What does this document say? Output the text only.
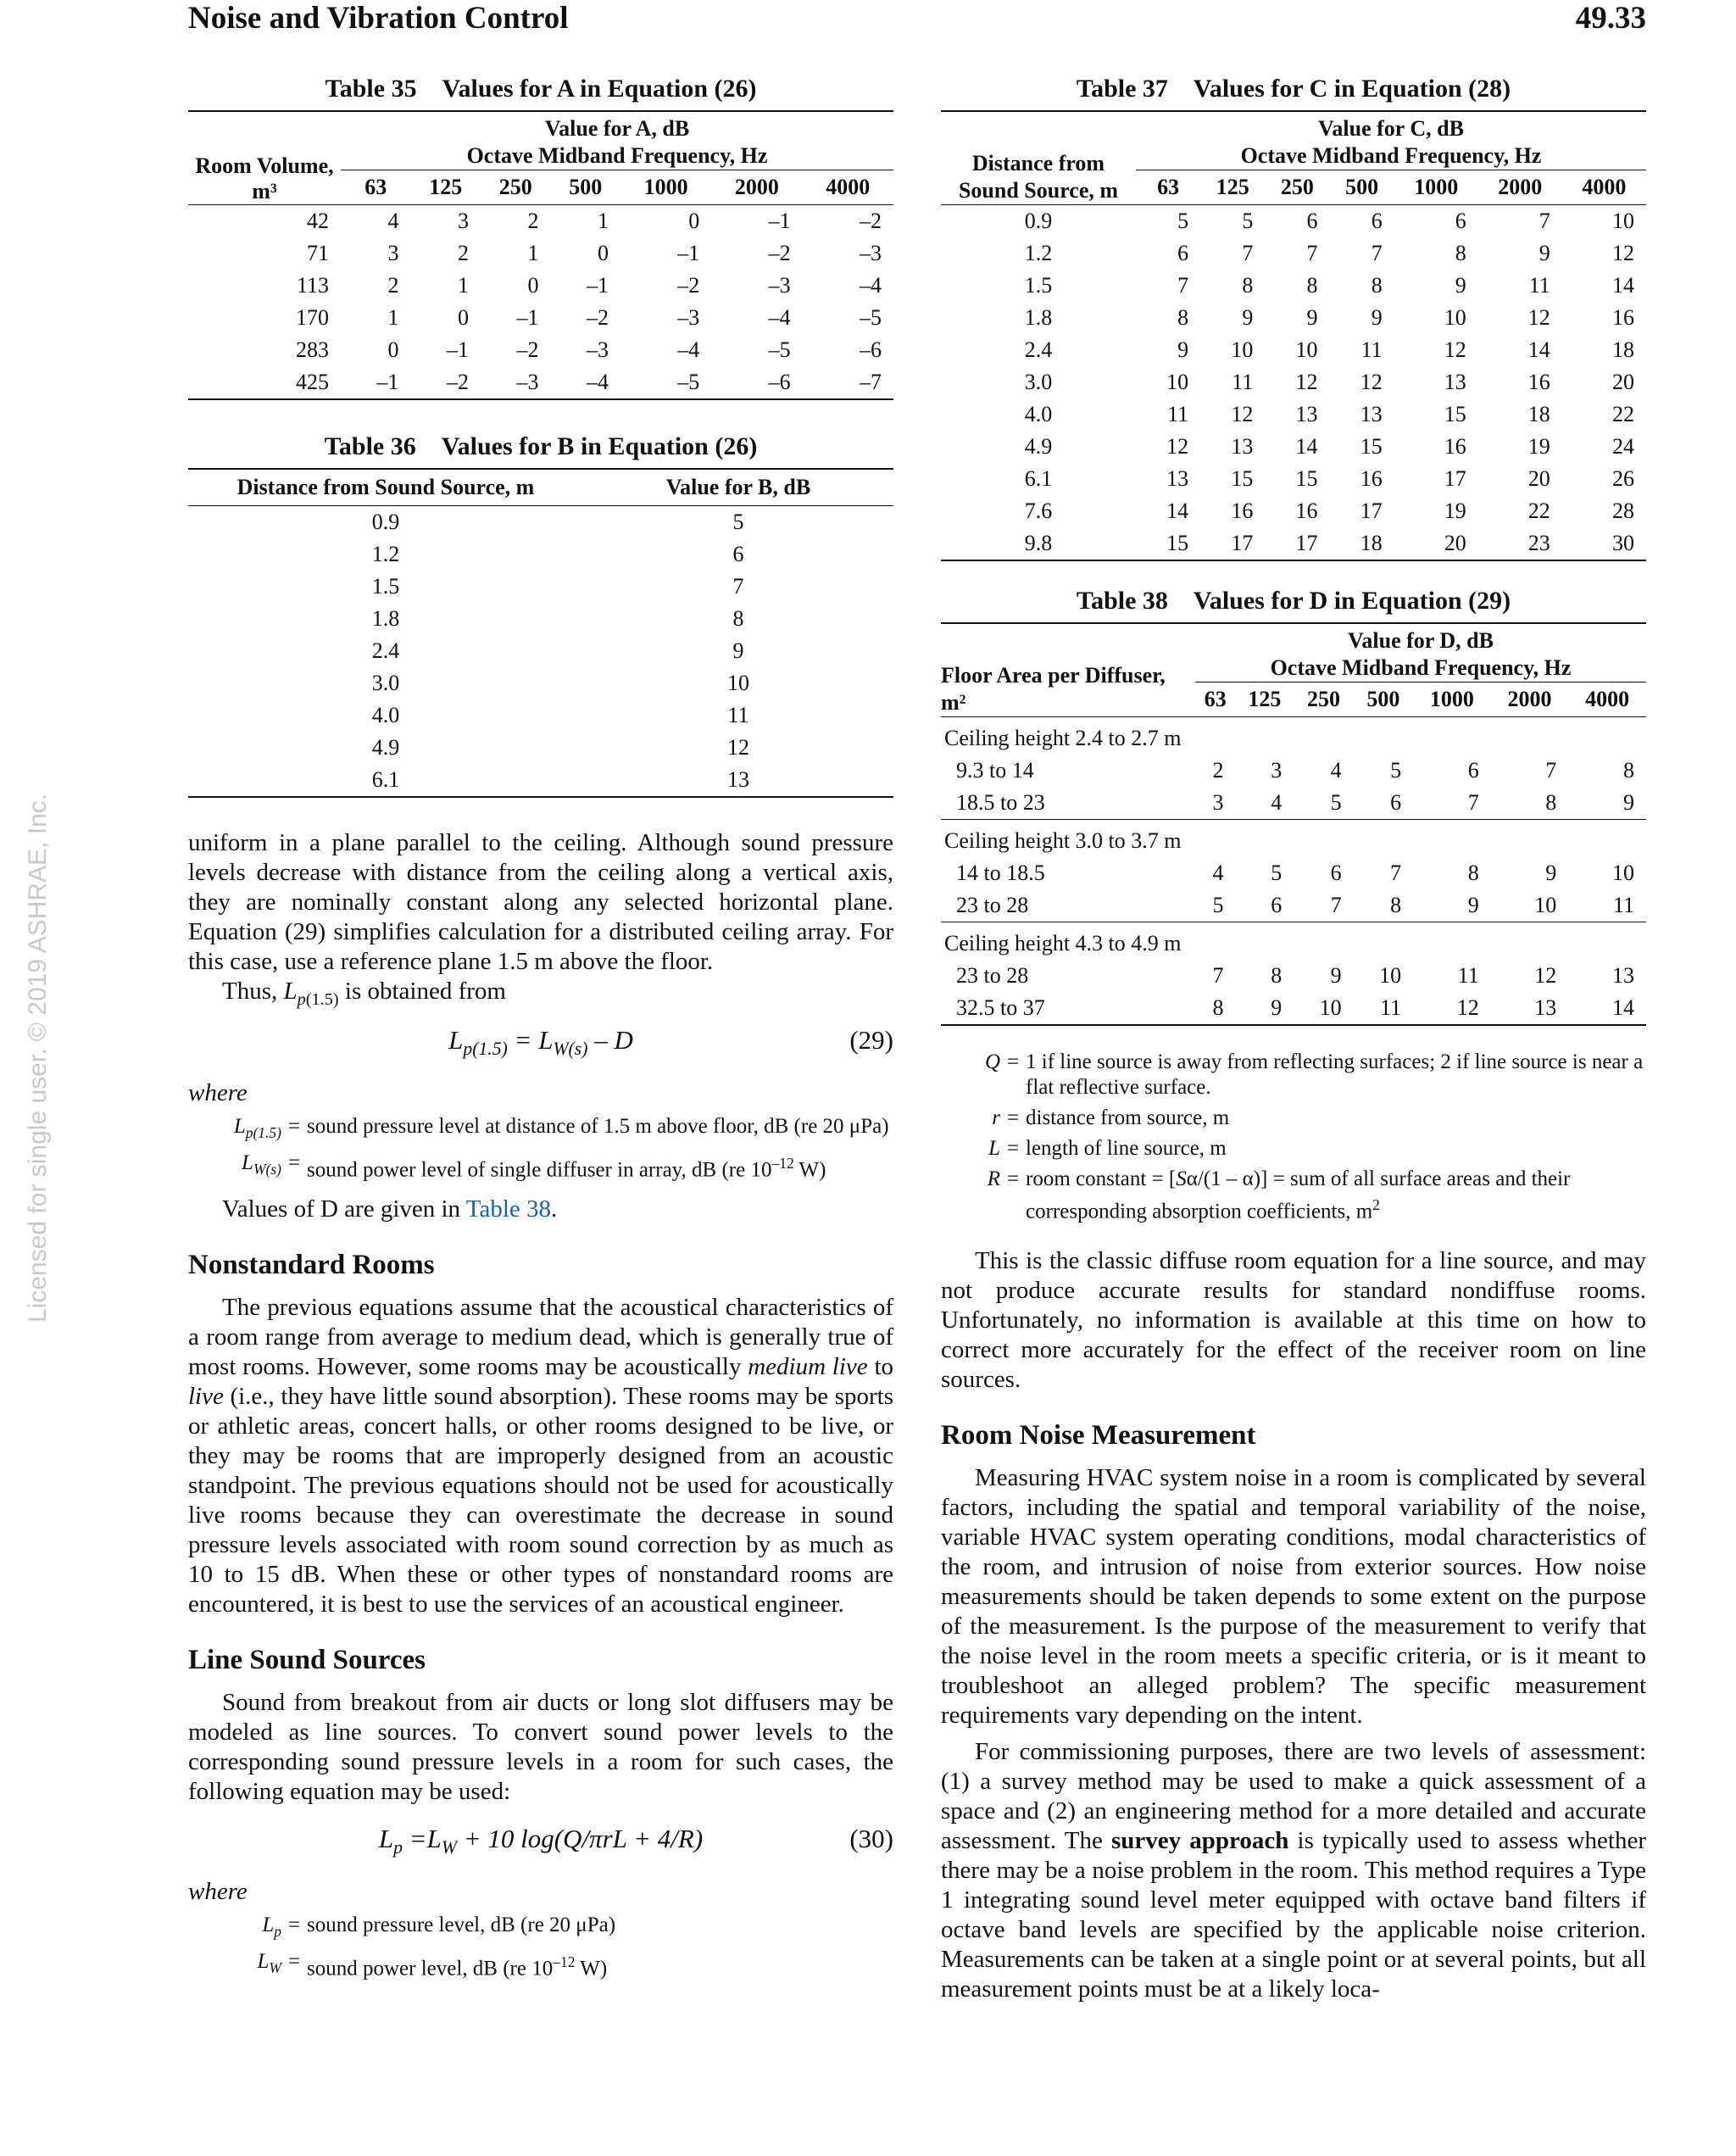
Noise and Vibration Control	49.33
Licensed for single user. © 2019 ASHRAE, Inc.
Table 35 Values for A in Equation (26)
Room Volume, m³	Value for A, dB
Octave Midband Frequency, Hz						

	63	125	250	500	1000	2000	4000
42	4	3	2	1	0	–1	–2
71	3	2	1	0	–1	–2	–3
113	2	1	0	–1	–2	–3	–4
170	1	0	–1	–2	–3	–4	–5
283	0	–1	–2	–3	–4	–5	–6
425	–1	–2	–3	–4	–5	–6	–7
Table 36 Values for B in Equation (26)
Distance from Sound Source, m	Value for B, dB
0.9	5
1.2	6
1.5	7
1.8	8
2.4	9
3.0	10
4.0	11
4.9	12
6.1	13

uniform in a plane parallel to the ceiling. Although sound pressure levels decrease with distance from the ceiling along a vertical axis, they are nominally constant along any selected horizontal plane. Equation (29) simplifies calculation for a distributed ceiling array. For this case, use a reference plane 1.5 m above the floor.

Thus, $L_{p(1.5)}$ is obtained from

$L_{p(1.5)} = L_{W(s)} - D$	(29)
where
$L_{p(1.5)}$ = sound pressure level at distance of 1.5 m above floor, dB (re 20 μPa)
$L_{W(s)}$ = sound power level of single diffuser in array, dB (re $10^{-12}$ W)

Values of D are given in Table 38.

Nonstandard Rooms

The previous equations assume that the acoustical characteristics of a room range from average to medium dead, which is generally true of most rooms. However, some rooms may be acoustically medium live to live (i.e., they have little sound absorption). These rooms may be sports or athletic areas, concert halls, or other rooms designed to be live, or they may be rooms that are improperly designed from an acoustic standpoint. The previous equations should not be used for acoustically live rooms because they can overestimate the decrease in sound pressure levels associated with room sound correction by as much as 10 to 15 dB. When these or other types of nonstandard rooms are encountered, it is best to use the services of an acoustical engineer.

Line Sound Sources

Sound from breakout from air ducts or long slot diffusers may be modeled as line sources. To convert sound power levels to the corresponding sound pressure levels in a room for such cases, the following equation may be used:

$L_p =L_W + 10$ log(Q/πrL + 4/R)	(30)
where
$L_p$ = sound pressure level, dB (re 20 μPa)
$L_W$ = sound power level, dB (re $10^{-12}$ W)
Table 37 Values for C in Equation (28)
Distance from Sound Source, m	Value for C, dB
Octave Midband Frequency, Hz						

	63	125	250	500	1000	2000	4000
0.9	5	5	6	6	6	7	10
1.2	6	7	7	7	8	9	12
1.5	7	8	8	8	9	11	14
1.8	8	9	9	9	10	12	16
2.4	9	10	10	11	12	14	18
3.0	10	11	12	12	13	16	20
4.0	11	12	13	13	15	18	22
4.9	12	13	14	15	16	19	24
6.1	13	15	15	16	17	20	26
7.6	14	16	16	17	19	22	28
9.8	15	17	17	18	20	23	30
Table 38 Values for D in Equation (29)
Floor Area per Diffuser, m²	Value for D, dB
Octave Midband Frequency, Hz						

	63	125	250	500	1000	2000	4000
Ceiling height 2.4 to 2.7 m							
9.3 to 14	2	3	4	5	6	7	8
18.5 to 23	3	4	5	6	7	8	9
Ceiling height 3.0 to 3.7 m							
14 to 18.5	4	5	6	7	8	9	10
23 to 28	5	6	7	8	9	10	11
Ceiling height 4.3 to 4.9 m							
23 to 28	7	8	9	10	11	12	13
32.5 to 37	8	9	10	11	12	13	14
Q = 1 if line source is away from reflecting surfaces; 2 if line source is near a flat reflective surface.
r = distance from source, m
L = length of line source, m
R = room constant = [Sα/(1 – α)] = sum of all surface areas and their corresponding absorption coefficients, $m^2$

This is the classic diffuse room equation for a line source, and may not produce accurate results for standard nondiffuse rooms. Unfortunately, no information is available at this time on how to correct more accurately for the effect of the receiver room on line sources.

Room Noise Measurement

Measuring HVAC system noise in a room is complicated by several factors, including the spatial and temporal variability of the noise, variable HVAC system operating conditions, modal characteristics of the room, and intrusion of noise from exterior sources. How noise measurements should be taken depends to some extent on the purpose of the measurement. Is the purpose of the measurement to verify that the noise level in the room meets a specific criteria, or is it meant to troubleshoot an alleged problem? The specific measurement requirements vary depending on the intent.

For commissioning purposes, there are two levels of assessment: (1) a survey method may be used to make a quick assessment of a space and (2) an engineering method for a more detailed and accurate assessment. The survey approach is typically used to assess whether there may be a noise problem in the room. This method requires a Type 1 integrating sound level meter equipped with octave band filters if octave band levels are specified by the applicable noise criterion. Measurements can be taken at a single point or at several points, but all measurement points must be at a likely loca-
